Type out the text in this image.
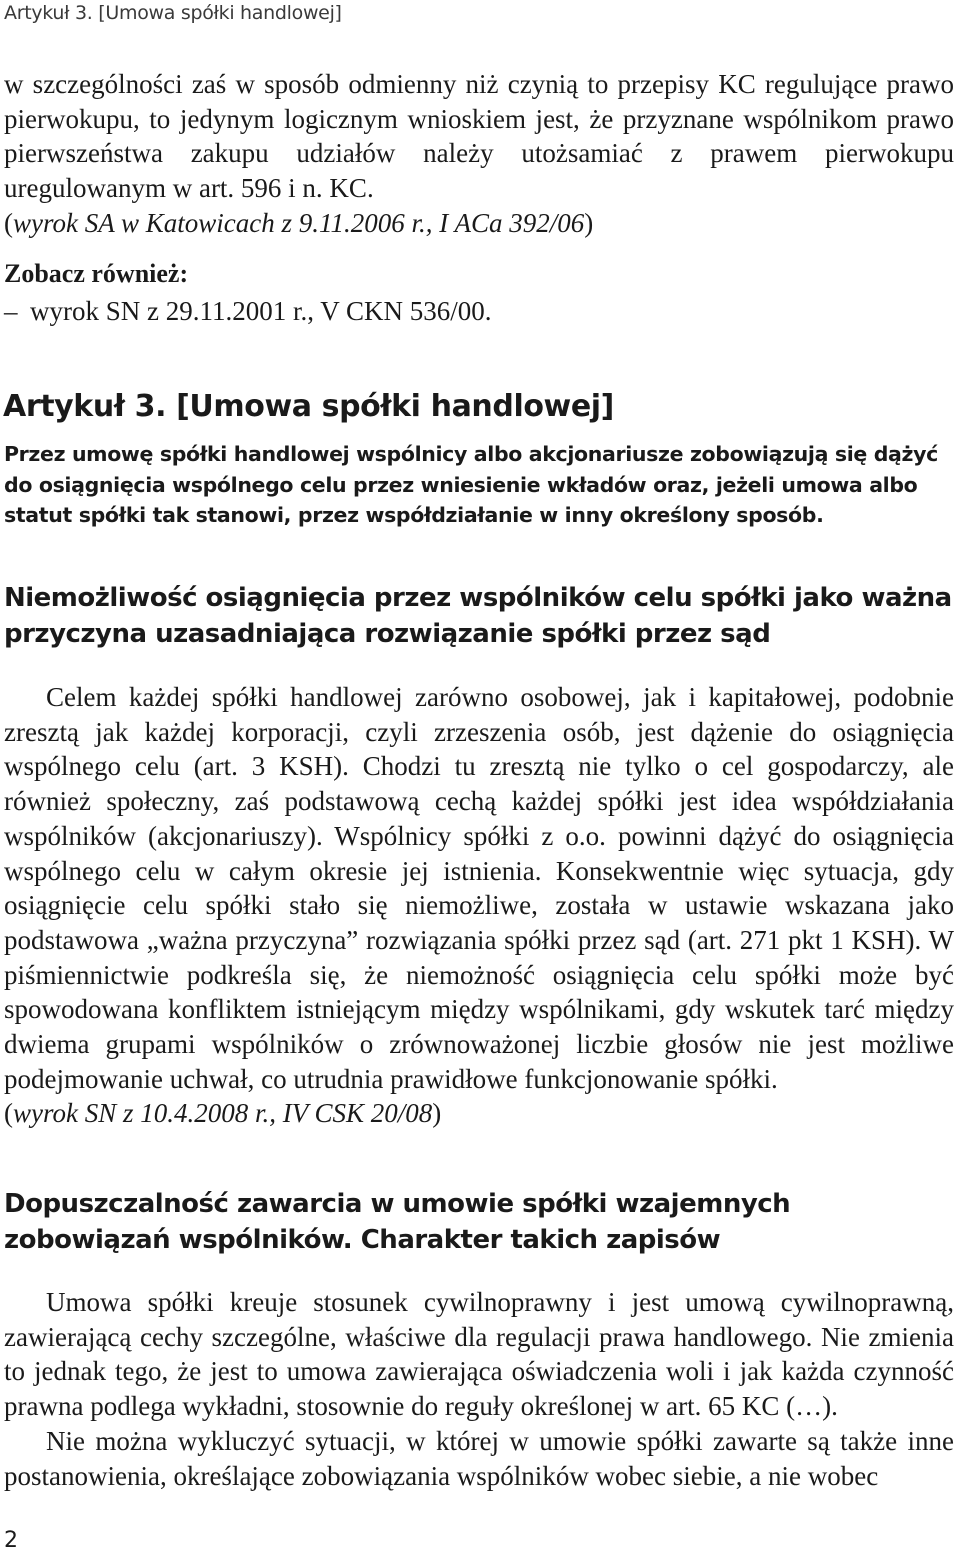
Artykuł 3. [Umowa spółki handlowej]

w szczególności zaś w sposób odmienny niż czynią to przepisy KC regulujące prawo pierwokupu, to jedynym logicznym wnioskiem jest, że przyznane wspólnikom prawo pierwszeństwa zakupu udziałów należy utożsamiać z prawem pierwokupu uregulowanym w art. 596 i n. KC.

(wyrok SA w Katowicach z 9.11.2006 r., I ACa 392/06)

Zobacz również:
– wyrok SN z 29.11.2001 r., V CKN 536/00.
Artykuł 3. [Umowa spółki handlowej]
Przez umowę spółki handlowej wspólnicy albo akcjonariusze zobowiązują się dążyć do osiągnięcia wspólnego celu przez wniesienie wkładów oraz, jeżeli umowa albo statut spółki tak stanowi, przez współdziałanie w inny określony sposób.
Niemożliwość osiągnięcia przez wspólników celu spółki jako ważna przyczyna uzasadniająca rozwiązanie spółki przez sąd

Celem każdej spółki handlowej zarówno osobowej, jak i kapitałowej, podobnie zresztą jak każdej korporacji, czyli zrzeszenia osób, jest dążenie do osiągnięcia wspólnego celu (art. 3 KSH). Chodzi tu zresztą nie tylko o cel gospodarczy, ale również społeczny, zaś podstawową cechą każdej spółki jest idea współdziałania wspólników (akcjonariuszy). Wspólnicy spółki z o.o. powinni dążyć do osiągnięcia wspólnego celu w całym okresie jej istnienia. Konsekwentnie więc sytuacja, gdy osiągnięcie celu spółki stało się niemożliwe, została w ustawie wskazana jako podstawowa „ważna przyczyna” rozwiązania spółki przez sąd (art. 271 pkt 1 KSH). W piśmiennictwie podkreśla się, że niemożność osiągnięcia celu spółki może być spowodowana konfliktem istniejącym między wspólnikami, gdy wskutek tarć między dwiema grupami wspólników o zrównoważonej liczbie głosów nie jest możliwe podejmowanie uchwał, co utrudnia prawidłowe funkcjonowanie spółki.

(wyrok SN z 10.4.2008 r., IV CSK 20/08)

Dopuszczalność zawarcia w umowie spółki wzajemnych zobowiązań wspólników. Charakter takich zapisów

Umowa spółki kreuje stosunek cywilnoprawny i jest umową cywilnoprawną, zawierającą cechy szczególne, właściwe dla regulacji prawa handlowego. Nie zmienia to jednak tego, że jest to umowa zawierająca oświadczenia woli i jak każda czynność prawna podlega wykładni, stosownie do reguły określonej w art. 65 KC (…).

Nie można wykluczyć sytuacji, w której w umowie spółki zawarte są także inne postanowienia, określające zobowiązania wspólników wobec siebie, a nie wobec

2
